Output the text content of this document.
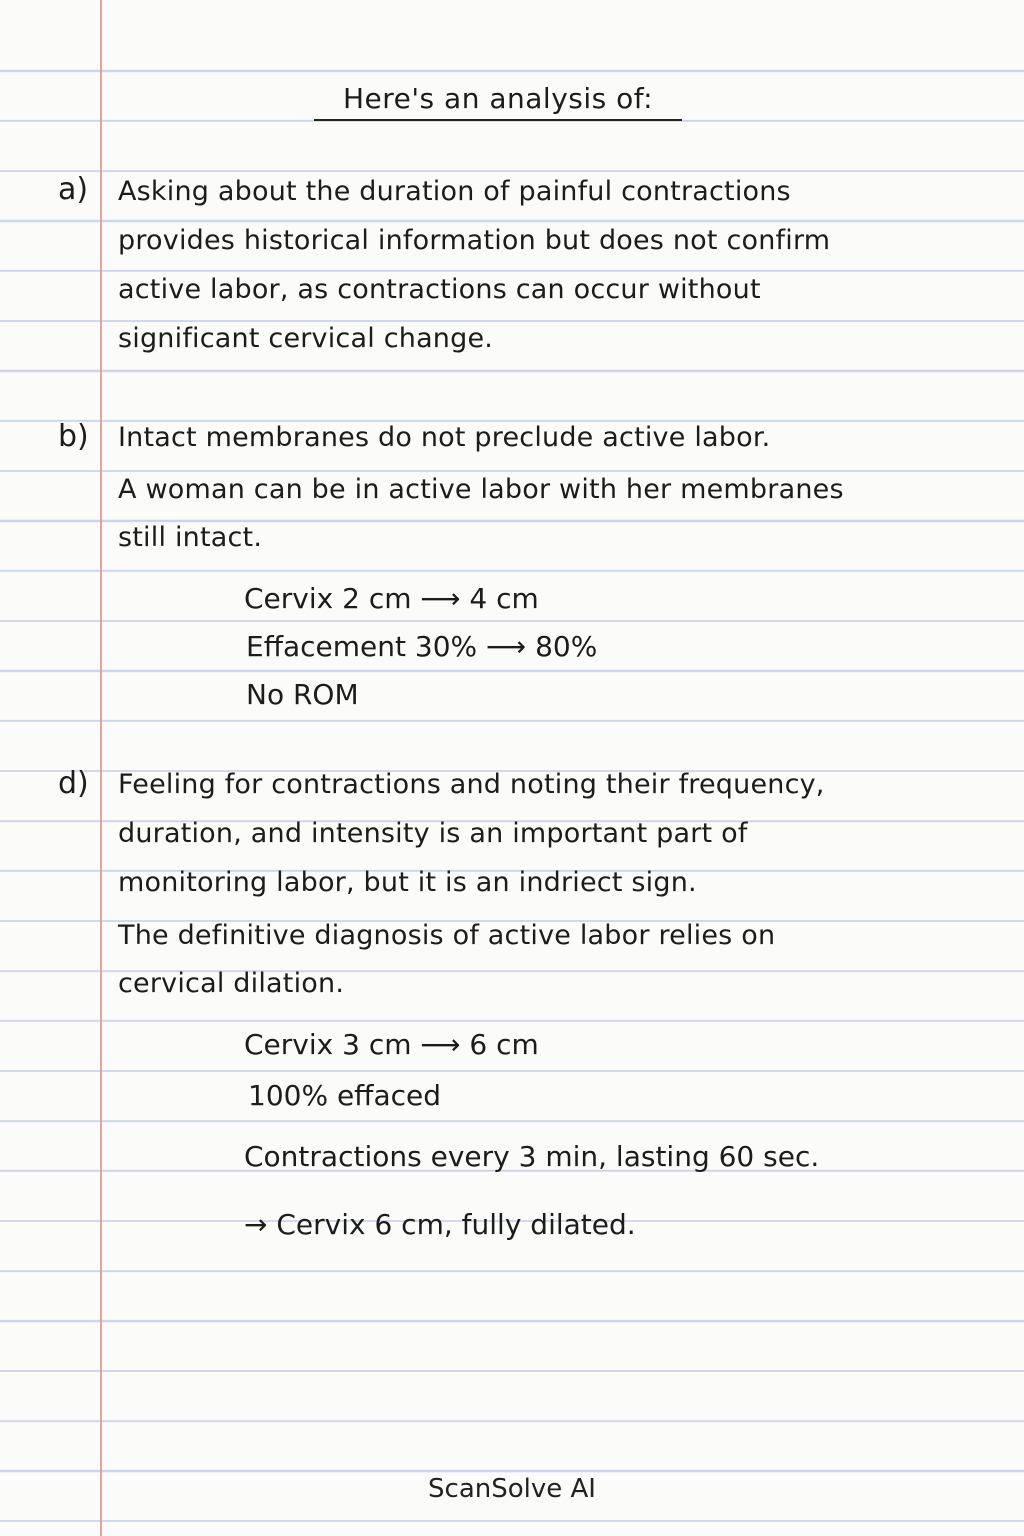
Here's an analysis of:
a) Asking about the duration of painful contractions
provides historical information but does not confirm
active labor, as contractions can occur without
significant cervical change.
b) Intact membranes do not preclude active labor.
A woman can be in active labor with her membranes
still intact.
Cervix 2 cm ⟶ 4 cm
Effacement 30% ⟶ 80%
No ROM
d) Feeling for contractions and noting their frequency,
duration, and intensity is an important part of
monitoring labor, but it is an indriect sign.
The definitive diagnosis of active labor relies on
cervical dilation.
Cervix 3 cm ⟶ 6 cm
100% effaced
Contractions every 3 min, lasting 60 sec.
→ Cervix 6 cm, fully dilated.
ScanSolve AI
